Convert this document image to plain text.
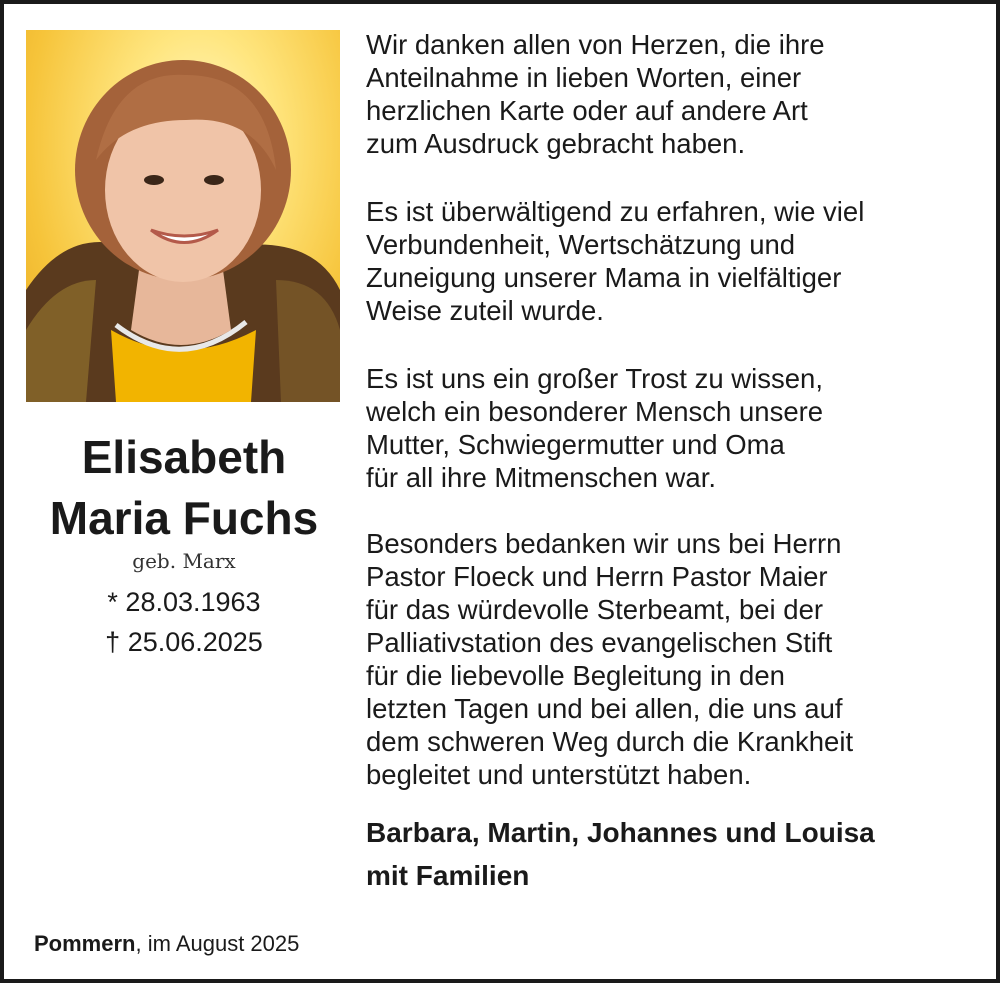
Elisabeth
Maria Fuchs
geb. Marx
* 28.03.1963
† 25.06.2025
Wir danken allen von Herzen, die ihre
Anteilnahme in lieben Worten, einer
herzlichen Karte oder auf andere Art
zum Ausdruck gebracht haben.
Es ist überwältigend zu erfahren, wie viel
Verbundenheit, Wertschätzung und
Zuneigung unserer Mama in vielfältiger
Weise zuteil wurde.
Es ist uns ein großer Trost zu wissen,
welch ein besonderer Mensch unsere
Mutter, Schwiegermutter und Oma
für all ihre Mitmenschen war.
Besonders bedanken wir uns bei Herrn
Pastor Floeck und Herrn Pastor Maier
für das würdevolle Sterbeamt, bei der
Palliativstation des evangelischen Stift
für die liebevolle Begleitung in den
letzten Tagen und bei allen, die uns auf
dem schweren Weg durch die Krankheit
begleitet und unterstützt haben.
Barbara, Martin, Johannes und Louisa
mit Familien
Pommern, im August 2025
